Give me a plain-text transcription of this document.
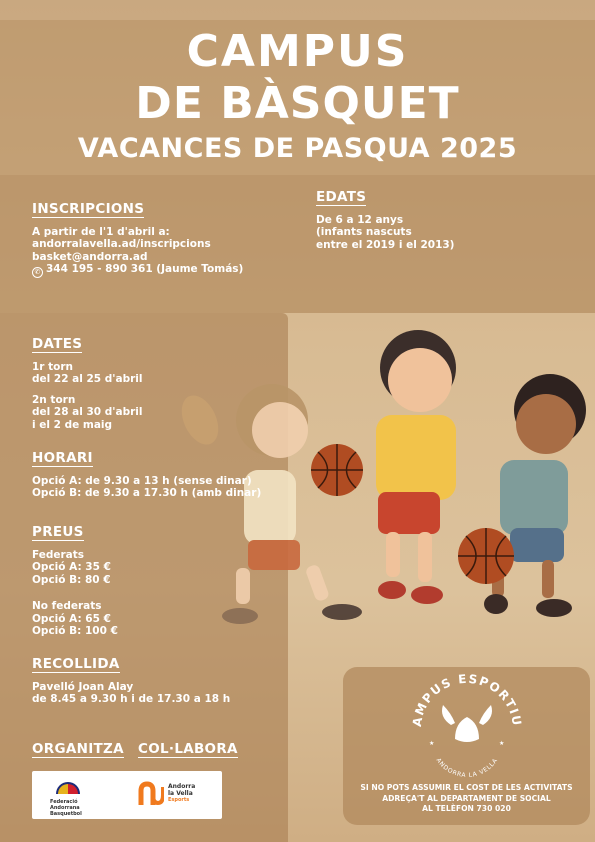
CAMPUS
DE BÀSQUET
VACANCES DE PASQUA 2025
INSCRIPCIONS
A partir de l'1 d'abril a:
andorralavella.ad/inscripcions
basket@andorra.ad
✆ 344 195 - 890 361 (Jaume Tomás)
EDATS
De 6 a 12 anys
(infants nascuts
entre el 2019 i el 2013)
DATES
1r torn
del 22 al 25 d'abril
2n torn
del 28 al 30 d'abril
i el 2 de maig
HORARI
Opció A: de 9.30 a 13 h (sense dinar)
Opció B: de 9.30 a 17.30 h (amb dinar)
PREUS
Federats
Opció A: 35 €
Opció B: 80 €
No federats
Opció A: 65 €
Opció B: 100 €
RECOLLIDA
Pavelló Joan Alay
de 8.45 a 9.30 h i de 17.30 a 18 h
ORGANITZA COL·LABORA
Federació
Andorrana
Basquetbol
Andorra
la Vella
Esports
AMPUS ESPORTIU
ANDORRA LA VELLA
★	★
SI NO POTS ASSUMIR EL COST DE LES ACTIVITATS
ADREÇA'T AL DEPARTAMENT DE SOCIAL
AL TELÈFON 730 020
